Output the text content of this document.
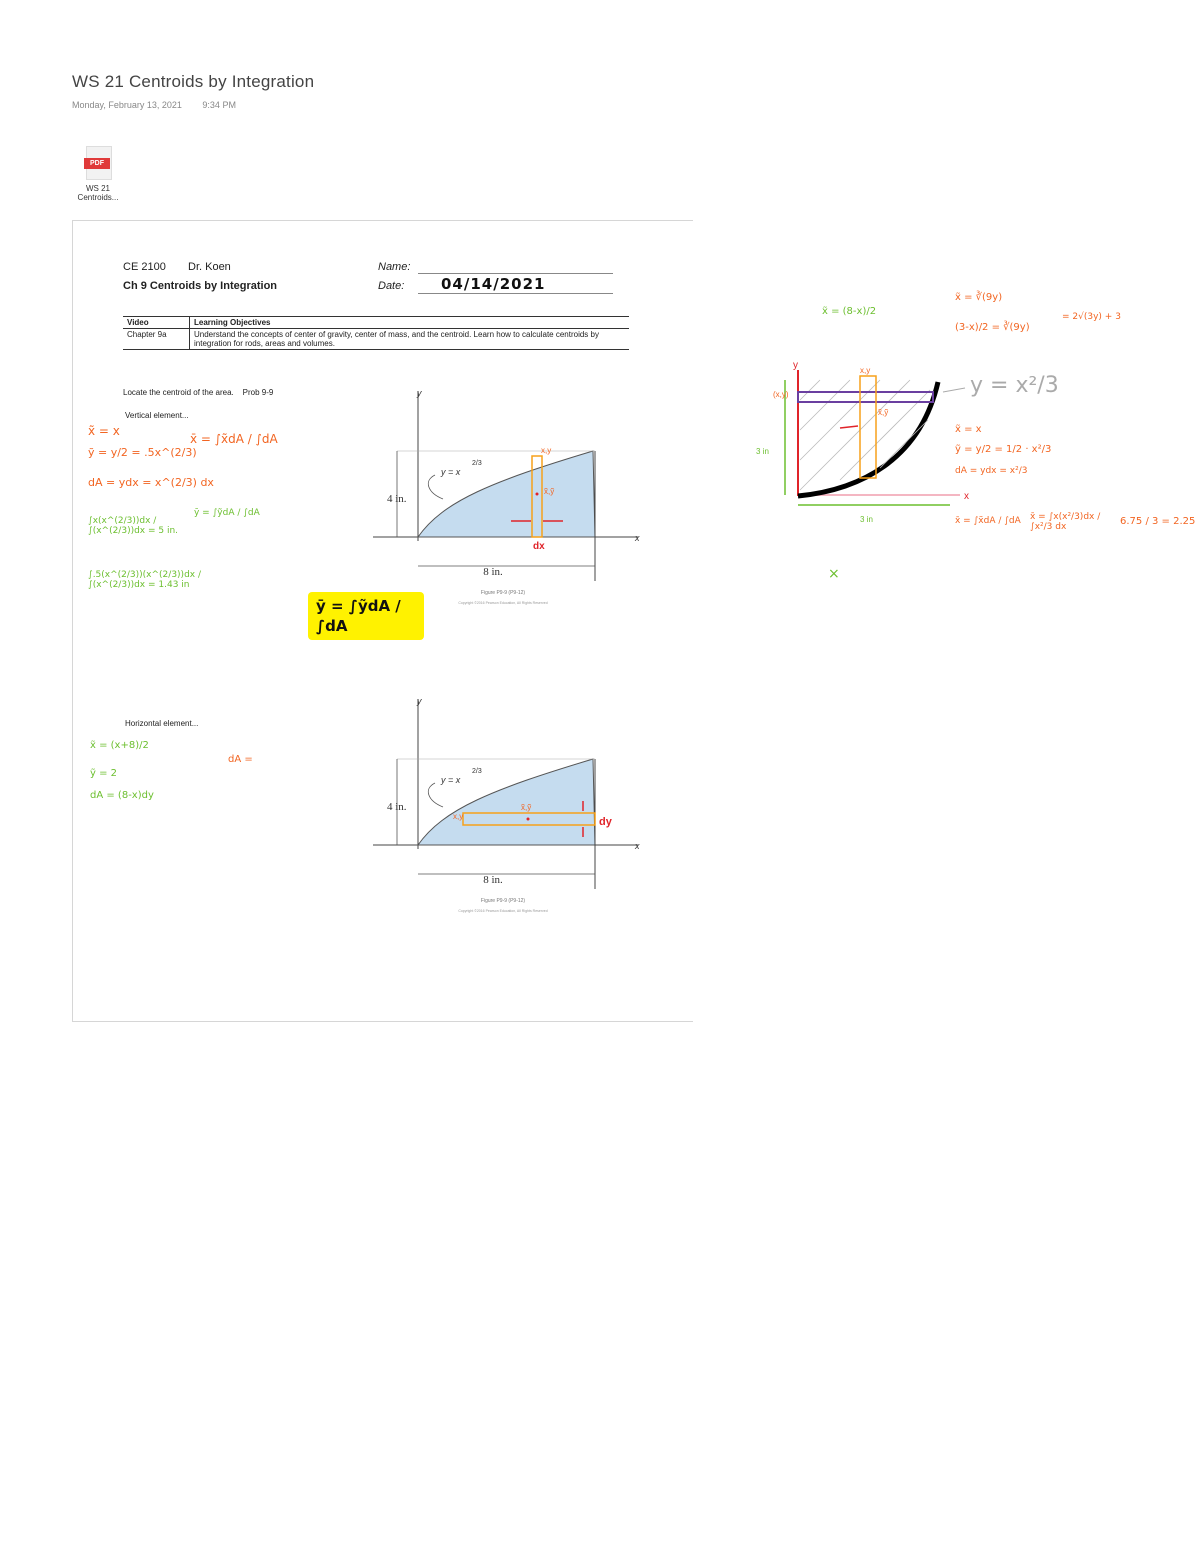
WS 21 Centroids by Integration
Monday, February 13, 2021 9:34 PM
PDF
WS 21
Centroids...
CE 2100 Dr. Koen
Ch 9 Centroids by Integration
Name:
Date: 04/14/2021
Video	Learning Objectives
Chapter 9a	Understand the concepts of center of gravity, center of mass, and the centroid. Learn how to calculate centroids by integration for rods, areas and volumes.
Locate the centroid of the area. Prob 9-9
Vertical element...
Horizontal element...
4 in.
8 in.
y
x
y = x
2/3
dx
x,y
x̃,ỹ
Figure P9-9 (P9-12)
Copyright ©2016 Pearson Education, All Rights Reserved
4 in.
8 in.
y
x
y = x
2/3
dy
x,y
x̃,ỹ
Figure P9-9 (P9-12)
Copyright ©2016 Pearson Education, All Rights Reserved
x̃ = x
ỹ = y/2 = .5x^(2/3)
dA = ydx = x^(2/3) dx
x̄ = ∫x̃dA / ∫dA
∫x(x^(2/3))dx / ∫(x^(2/3))dx = 5 in.
ȳ = ∫ỹdA / ∫dA
∫.5(x^(2/3))(x^(2/3))dx / ∫(x^(2/3))dx = 1.43 in
ȳ = ∫ỹdA / ∫dA
x̃ = (x+8)/2
ỹ = 2
dA = (8-x)dy
dA =
y = x²/3
3 in
3 in
x,y
x̃,ỹ
(x,y)
y
x
x̃ = (8-x)/2
x̃ = ∛(9y)
(3-x)/2 = ∛(9y)
= 2√(3y) + 3
x̃ = x
ỹ = y/2 = 1/2 · x²/3
dA = ydx = x²/3
x̄ = ∫x̃dA / ∫dA	x̄ = ∫x(x²/3)dx / ∫x²/3 dx	6.75 / 3 = 2.25
×
